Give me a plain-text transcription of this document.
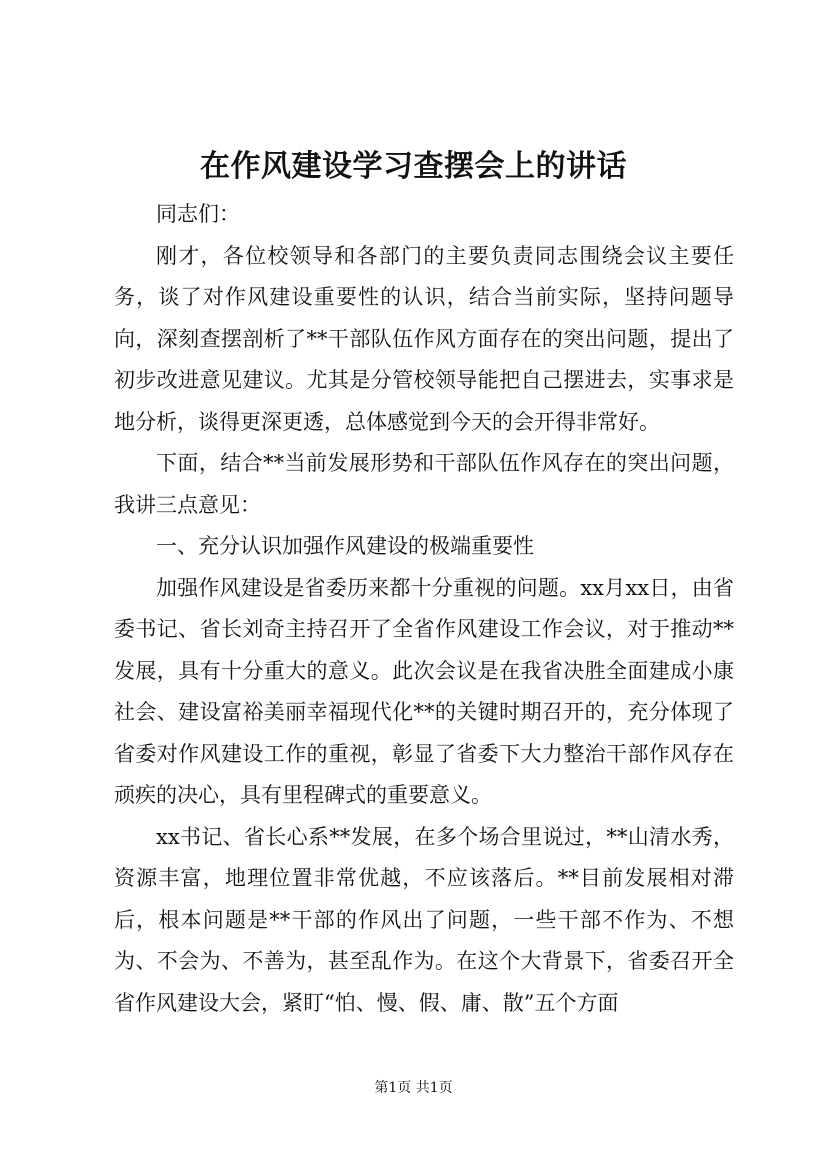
在作风建设学习查摆会上的讲话

同志们：

刚才，各位校领导和各部门的主要负责同志围绕会议主要任务，谈了对作风建设重要性的认识，结合当前实际，坚持问题导向，深刻查摆剖析了**干部队伍作风方面存在的突出问题，提出了初步改进意见建议。尤其是分管校领导能把自己摆进去，实事求是地分析，谈得更深更透，总体感觉到今天的会开得非常好。

下面，结合**当前发展形势和干部队伍作风存在的突出问题，我讲三点意见：

一、充分认识加强作风建设的极端重要性

加强作风建设是省委历来都十分重视的问题。xx月xx日，由省委书记、省长刘奇主持召开了全省作风建设工作会议，对于推动**发展，具有十分重大的意义。此次会议是在我省决胜全面建成小康社会、建设富裕美丽幸福现代化**的关键时期召开的，充分体现了省委对作风建设工作的重视，彰显了省委下大力整治干部作风存在顽疾的决心，具有里程碑式的重要意义。

xx书记、省长心系**发展，在多个场合里说过，**山清水秀，资源丰富，地理位置非常优越，不应该落后。**目前发展相对滞后，根本问题是**干部的作风出了问题，一些干部不作为、不想为、不会为、不善为，甚至乱作为。在这个大背景下，省委召开全省作风建设大会，紧盯“怕、慢、假、庸、散”五个方面

第1页 共1页
